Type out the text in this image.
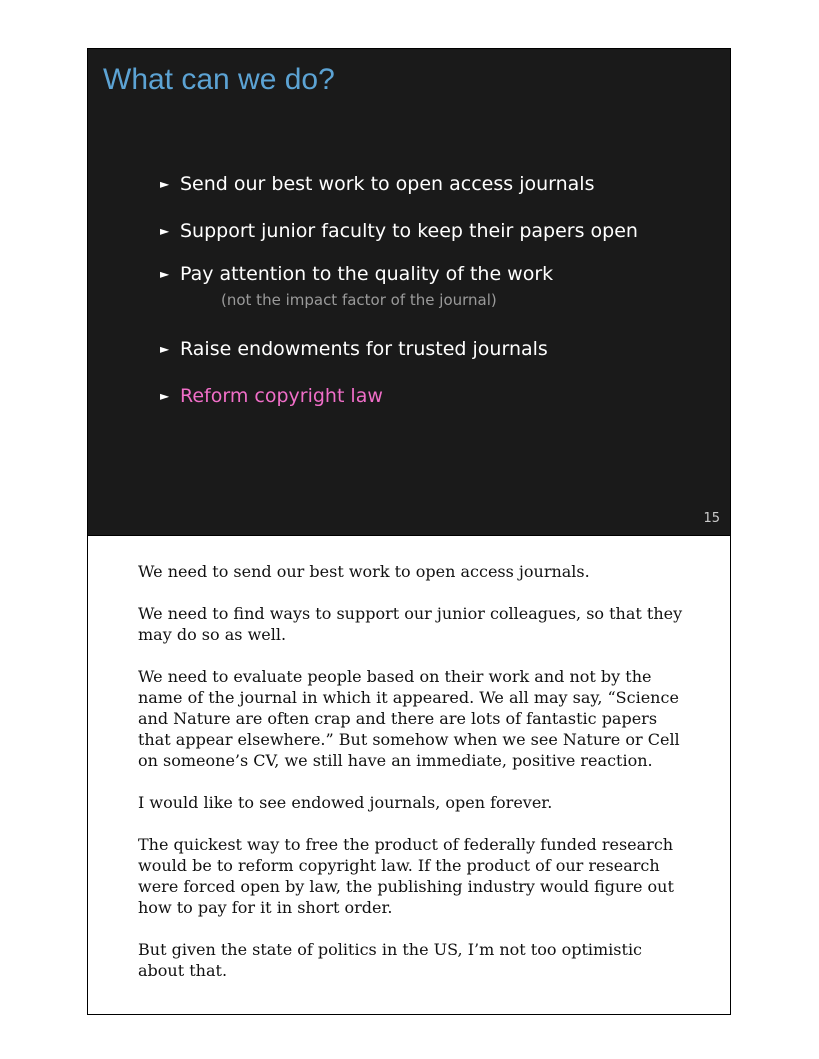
What can we do?
► Send our best work to open access journals
► Support junior faculty to keep their papers open
► Pay attention to the quality of the work
(not the impact factor of the journal)
► Raise endowments for trusted journals
► Reform copyright law
15

We need to send our best work to open access journals.

We need to find ways to support our junior colleagues, so that they may do so as well.

We need to evaluate people based on their work and not by the name of the journal in which it appeared. We all may say, “Science and Nature are often crap and there are lots of fantastic papers that appear elsewhere.” But somehow when we see Nature or Cell on someone’s CV, we still have an immediate, positive reaction.

I would like to see endowed journals, open forever.

The quickest way to free the product of federally funded research would be to reform copyright law. If the product of our research were forced open by law, the publishing industry would figure out how to pay for it in short order.

But given the state of politics in the US, I’m not too optimistic about that.
